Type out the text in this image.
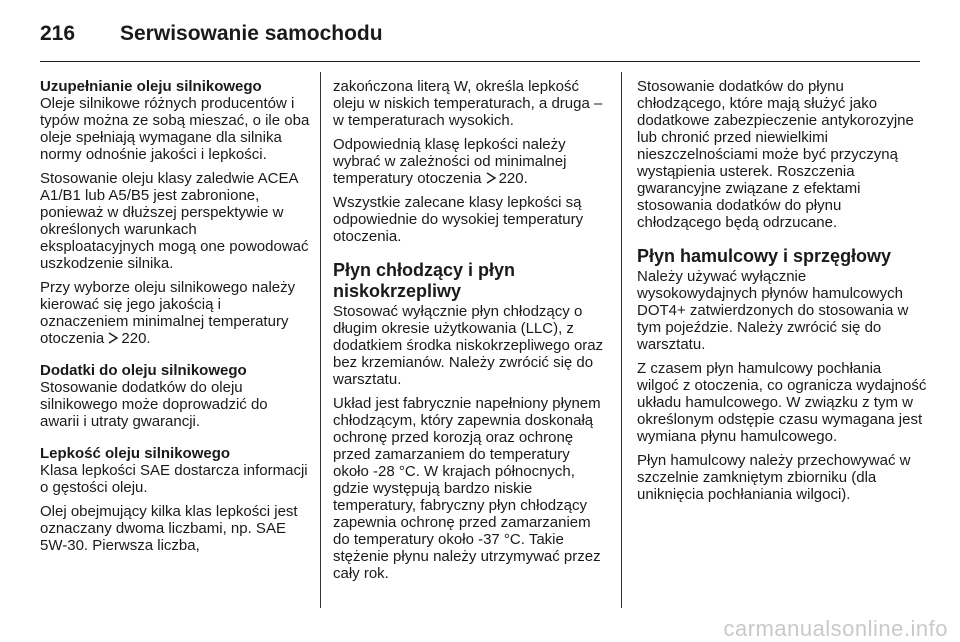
216	Serwisowanie samochodu

Uzupełnianie oleju silnikowego

Oleje silnikowe różnych producentów i typów można ze sobą mieszać, o ile oba oleje spełniają wymagane dla silnika normy odnośnie jakości i lepkości.

Stosowanie oleju klasy zaledwie ACEA A1/B1 lub A5/B5 jest zabronione, ponieważ w dłuższej perspektywie w określonych warunkach eksploatacyjnych mogą one powodować uszkodzenie silnika.

Przy wyborze oleju silnikowego należy kierować się jego jakością i oznaczeniem minimalnej temperatury otoczenia 220.

Dodatki do oleju silnikowego

Stosowanie dodatków do oleju silnikowego może doprowadzić do awarii i utraty gwarancji.

Lepkość oleju silnikowego

Klasa lepkości SAE dostarcza informacji o gęstości oleju.

Olej obejmujący kilka klas lepkości jest oznaczany dwoma liczbami, np. SAE 5W-30. Pierwsza liczba,

zakończona literą W, określa lepkość oleju w niskich temperaturach, a druga – w temperaturach wysokich.

Odpowiednią klasę lepkości należy wybrać w zależności od minimalnej temperatury otoczenia 220.

Wszystkie zalecane klasy lepkości są odpowiednie do wysokiej temperatury otoczenia.

Płyn chłodzący i płyn niskokrzepliwy

Stosować wyłącznie płyn chłodzący o długim okresie użytkowania (LLC), z dodatkiem środka niskokrzepliwego oraz bez krzemianów. Należy zwrócić się do warsztatu.

Układ jest fabrycznie napełniony płynem chłodzącym, który zapewnia doskonałą ochronę przed korozją oraz ochronę przed zamarzaniem do temperatury około -28 °C. W krajach północnych, gdzie występują bardzo niskie temperatury, fabryczny płyn chłodzący zapewnia ochronę przed zamarzaniem do temperatury około -37 °C. Takie stężenie płynu należy utrzymywać przez cały rok.

Stosowanie dodatków do płynu chłodzącego, które mają służyć jako dodatkowe zabezpieczenie antykorozyjne lub chronić przed niewielkimi nieszczelnościami może być przyczyną wystąpienia usterek. Roszczenia gwarancyjne związane z efektami stosowania dodatków do płynu chłodzącego będą odrzucane.

Płyn hamulcowy i sprzęgłowy

Należy używać wyłącznie wysokowydajnych płynów hamulcowych DOT4+ zatwierdzonych do stosowania w tym pojeździe. Należy zwrócić się do warsztatu.

Z czasem płyn hamulcowy pochłania wilgoć z otoczenia, co ogranicza wydajność układu hamulcowego. W związku z tym w określonym odstępie czasu wymagana jest wymiana płynu hamulcowego.

Płyn hamulcowy należy przechowywać w szczelnie zamkniętym zbiorniku (dla uniknięcia pochłaniania wilgoci).

carmanualsonline.info
